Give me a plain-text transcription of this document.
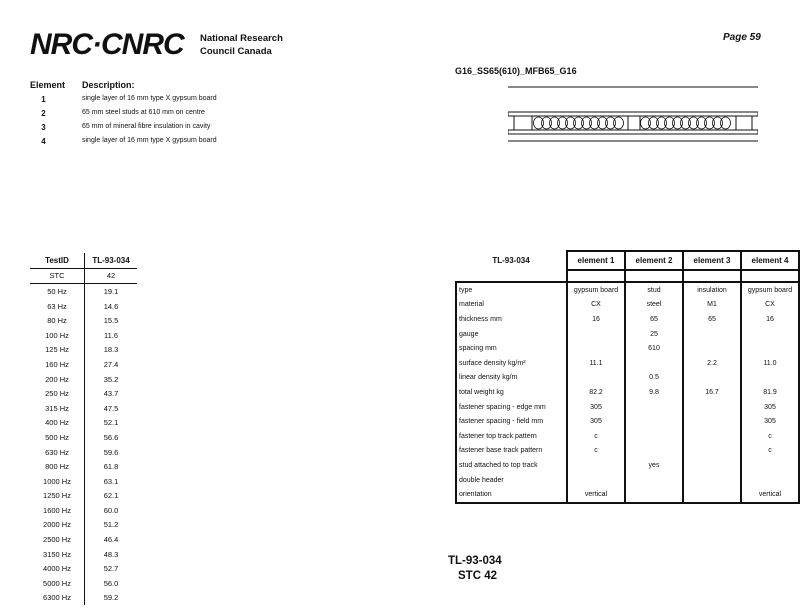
NRC·CNRC National Research
Council Canada
Page 59
G16_SS65(610)_MFB65_G16
Element	Description:
1	single layer of 16 mm type X gypsum board
2	65 mm steel studs at 610 mm on centre
3	65 mm of mineral fibre insulation in cavity
4	single layer of 16 mm type X gypsum board
TestID	TL-93-034
STC	42
50 Hz	19.1
63 Hz	14.6
80 Hz	15.5
100 Hz	11.6
125 Hz	18.3
160 Hz	27.4
200 Hz	35.2
250 Hz	43.7
315 Hz	47.5
400 Hz	52.1
500 Hz	56.6
630 Hz	59.6
800 Hz	61.8
1000 Hz	63.1
1250 Hz	62.1
1600 Hz	60.0
2000 Hz	51.2
2500 Hz	46.4
3150 Hz	48.3
4000 Hz	52.7
5000 Hz	56.0
6300 Hz	59.2
TL-93-034	element 1	element 2	element 3	element 4

type	gypsum board	stud	insulation	gypsum board
material	CX	steel	M1	CX
thickness mm	16	65	65	16
gauge		25		
spacing mm		610		
surface density kg/m²	11.1		2.2	11.0
linear density kg/m		0.5		
total weight kg	82.2	9.8	16.7	81.9
fastener spacing - edge mm	305			305
fastener spacing - field mm	305			305
fastener top track pattern	c			c
fastener base track pattern	c			c
stud attached to top track		yes		
double header				
orientation	vertical			vertical
TL-93-034
STC 42
